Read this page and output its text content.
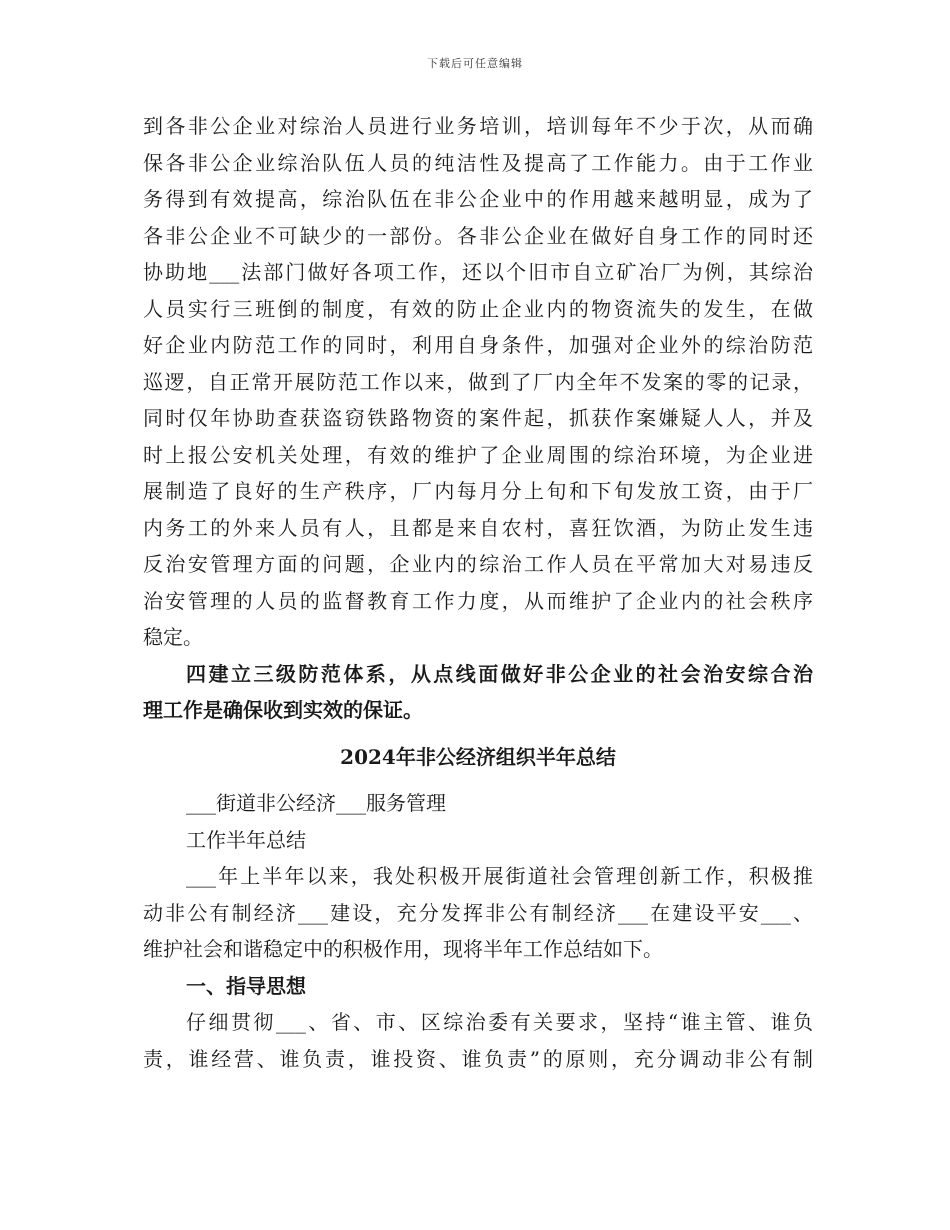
下载后可任意编辑
到各非公企业对综治人员进行业务培训，培训每年不少于次，从而确
保各非公企业综治队伍人员的纯洁性及提高了工作能力。由于工作业
务得到有效提高，综治队伍在非公企业中的作用越来越明显，成为了
各非公企业不可缺少的一部份。各非公企业在做好自身工作的同时还
协助地___法部门做好各项工作，还以个旧市自立矿冶厂为例，其综治
人员实行三班倒的制度，有效的防止企业内的物资流失的发生，在做
好企业内防范工作的同时，利用自身条件，加强对企业外的综治防范
巡逻，自正常开展防范工作以来，做到了厂内全年不发案的零的记录，
同时仅年协助查获盗窃铁路物资的案件起，抓获作案嫌疑人人，并及
时上报公安机关处理，有效的维护了企业周围的综治环境，为企业进
展制造了良好的生产秩序，厂内每月分上旬和下旬发放工资，由于厂
内务工的外来人员有人，且都是来自农村，喜狂饮酒，为防止发生违
反治安管理方面的问题，企业内的综治工作人员在平常加大对易违反
治安管理的人员的监督教育工作力度，从而维护了企业内的社会秩序
稳定。
四建立三级防范体系，从点线面做好非公企业的社会治安综合治
理工作是确保收到实效的保证。
2024年非公经济组织半年总结
___街道非公经济___服务管理
工作半年总结
___年上半年以来，我处积极开展街道社会管理创新工作，积极推
动非公有制经济___建设，充分发挥非公有制经济___在建设平安___、
维护社会和谐稳定中的积极作用，现将半年工作总结如下。
一、指导思想
仔细贯彻___、省、市、区综治委有关要求，坚持“谁主管、谁负
责，谁经营、谁负责，谁投资、谁负责”的原则，充分调动非公有制
